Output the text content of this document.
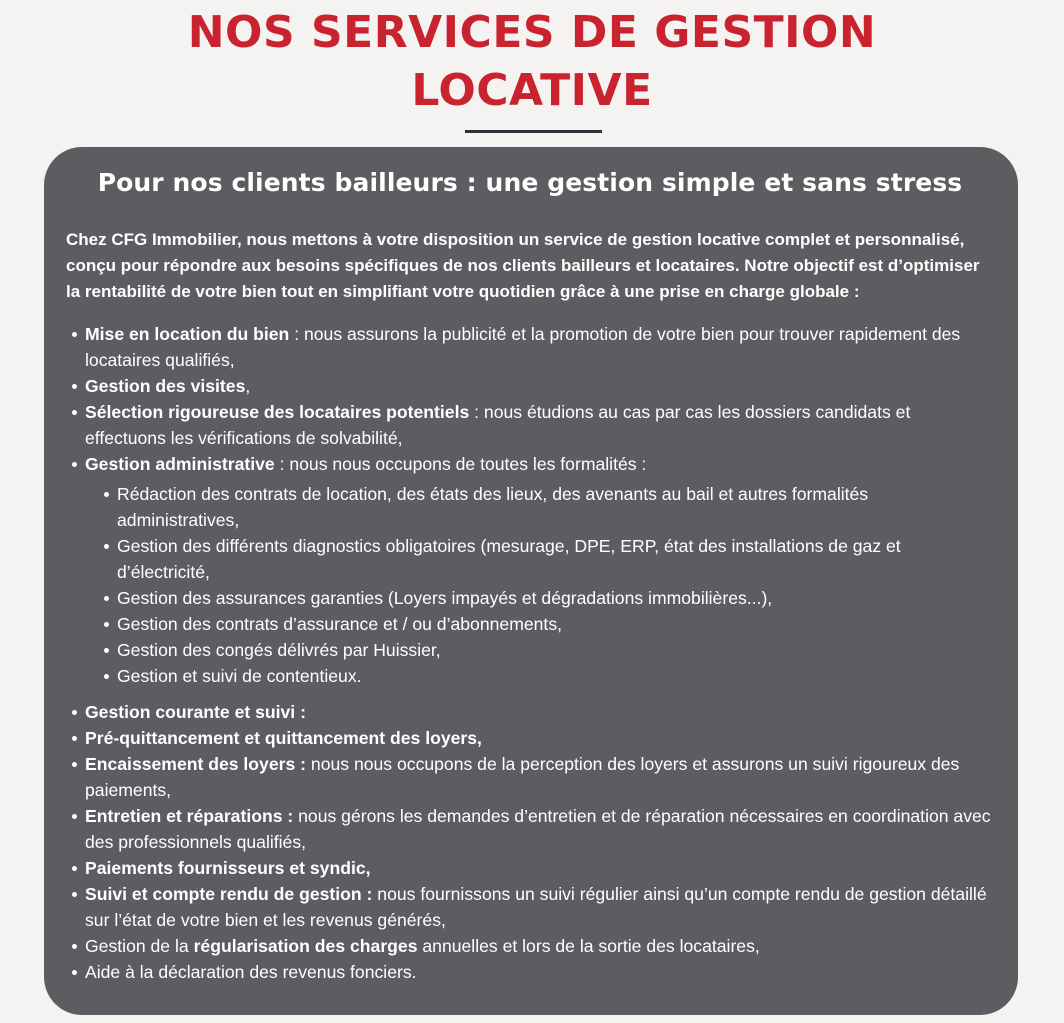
NOS SERVICES DE GESTION
LOCATIVE
Pour nos clients bailleurs : une gestion simple et sans stress

Chez CFG Immobilier, nous mettons à votre disposition un service de gestion locative complet et personnalisé, conçu pour répondre aux besoins spécifiques de nos clients bailleurs et locataires. Notre objectif est d’optimiser la rentabilité de votre bien tout en simplifiant votre quotidien grâce à une prise en charge globale :

Mise en location du bien : nous assurons la publicité et la promotion de votre bien pour trouver rapidement des locataires qualifiés,
Gestion des visites,
Sélection rigoureuse des locataires potentiels : nous étudions au cas par cas les dossiers candidats et effectuons les vérifications de solvabilité,
Gestion administrative : nous nous occupons de toutes les formalités :
Rédaction des contrats de location, des états des lieux, des avenants au bail et autres formalités administratives,
Gestion des différents diagnostics obligatoires (mesurage, DPE, ERP, état des installations de gaz et d’électricité,
Gestion des assurances garanties (Loyers impayés et dégradations immobilières...),
Gestion des contrats d’assurance et / ou d’abonnements,
Gestion des congés délivrés par Huissier,
Gestion et suivi de contentieux.
Gestion courante et suivi :
Pré-quittancement et quittancement des loyers,
Encaissement des loyers : nous nous occupons de la perception des loyers et assurons un suivi rigoureux des paiements,
Entretien et réparations : nous gérons les demandes d’entretien et de réparation nécessaires en coordination avec des professionnels qualifiés,
Paiements fournisseurs et syndic,
Suivi et compte rendu de gestion : nous fournissons un suivi régulier ainsi qu’un compte rendu de gestion détaillé sur l’état de votre bien et les revenus générés,
Gestion de la régularisation des charges annuelles et lors de la sortie des locataires,
Aide à la déclaration des revenus fonciers.
